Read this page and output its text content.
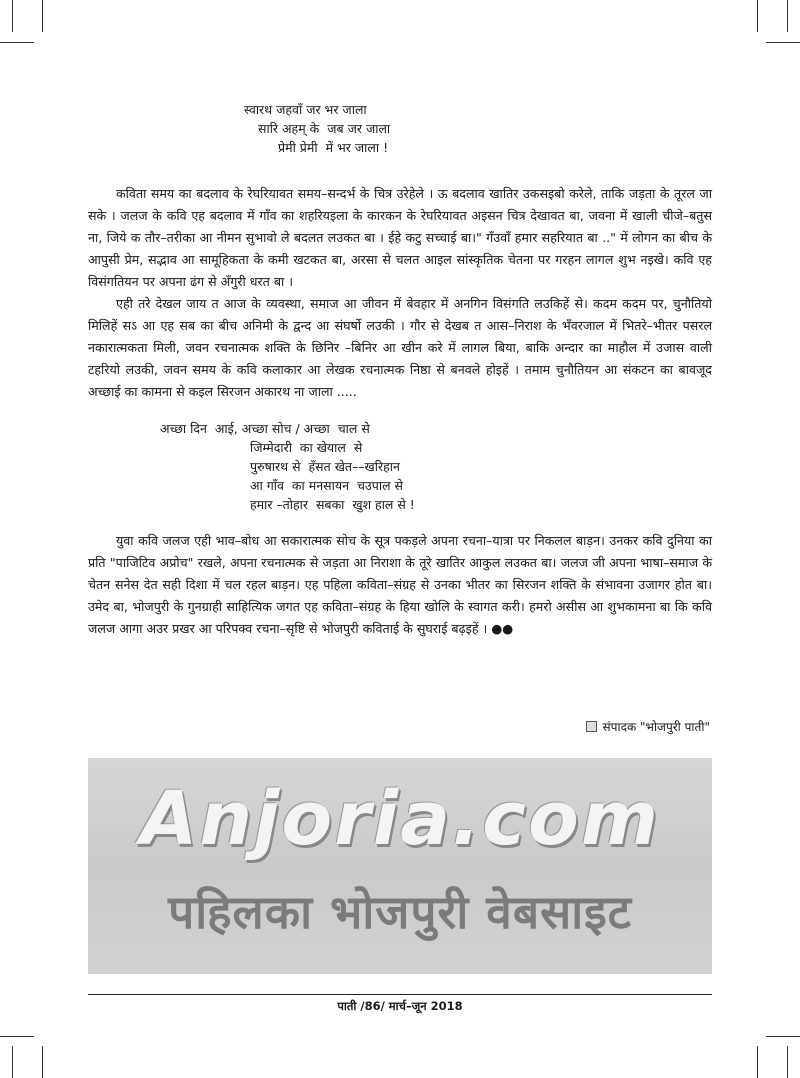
स्वारथ जहवाँ जर भर जाला
सारि अहम् के  जब जर जाला
प्रेमी प्रेमी  में भर जाला !

कविता समय का बदलाव के रेघरियावत समय–सन्दर्भ के चित्र उरेहेले । ऊ बदलाव खातिर उकसइबो करेले, ताकि जड़ता के तूरल जा सके । जलज के कवि एह बदलाव में गाँव का शहरियइला के कारकन के रेघरियावत अइसन चित्र देखावत बा, जवना में खाली चीजे–बतुस ना, जिये क तौर–तरीका आ नीमन सुभावो ले बदलत लउकत बा । ईहे कटु सच्चाई बा।" गँउवाँ हमार सहरियात बा .." में लोगन का बीच के आपुसी प्रेम, सद्भाव आ सामूहिकता के कमी खटकत बा, अरसा से चलत आइल सांस्कृतिक चेतना पर गरहन लागल शुभ नइखे। कवि एह विसंगतियन पर अपना ढंग से अँगुरी धरत बा ।

एही तरे देखल जाय त आज के व्यवस्था, समाज आ जीवन में बेवहार में अनगिन विसंगति लउकिहें से। कदम कदम पर, चुनौतियो मिलिहें सऽ आ एह सब का बीच अनिमी के द्वन्द आ संघर्षो लउकी । गौर से देखब त आस–निराश के भँवरजाल में भितरे–भीतर पसरल नकारात्मकता मिली, जवन रचनात्मक शक्ति के छिनिर –बिनिर आ खीन करे में लागल बिया, बाकि अन्दार का माहौल में उजास वाली टहरियो लउकी, जवन समय के कवि कलाकार आ लेखक रचनात्मक निष्ठा से बनवले होइहें । तमाम चुनौतियन आ संकटन का बावजूद अच्छाई का कामना से कइल सिरजन अकारथ ना जाला .....

अच्छा दिन  आई, अच्छा सोच / अच्छा  चाल से
जिम्मेदारी  का खेयाल  से
पुरुषारथ से  हँसत खेत––खरिहान
आ गाँव  का मनसायन  चउपाल से
हमार –तोहार  सबका  खुश हाल से !

युवा कवि जलज एही भाव–बोध आ सकारात्मक सोच के सूत्र पकड़ले अपना रचना–यात्रा पर निकलल बाड़न। उनकर कवि दुनिया का प्रति "पाजिटिव अप्रोच" रखले, अपना रचनात्मक से जड़ता आ निराशा के तूरे खातिर आकुल लउकत बा। जलज जी अपना भाषा–समाज के चेतन सनेस देत सही दिशा में चल रहल बाड़न। एह पहिला कविता–संग्रह से उनका भीतर का सिरजन शक्ति के संभावना उजागर होत बा। उमेद बा, भोजपुरी के गुनग्राही साहित्यिक जगत एह कविता–संग्रह के हिया खोलि के स्वागत करी। हमरो असीस आ शुभकामना बा कि कवि जलज आगा अउर प्रखर आ परिपक्व रचना–सृष्टि से भोजपुरी कविताई के सुघराई बढ़इहें । ●●

संपादक "भोजपुरी पाती"
Anjoria.com
पहिलका भोजपुरी वेबसाइट
पाती /86/ मार्च–जून 2018
